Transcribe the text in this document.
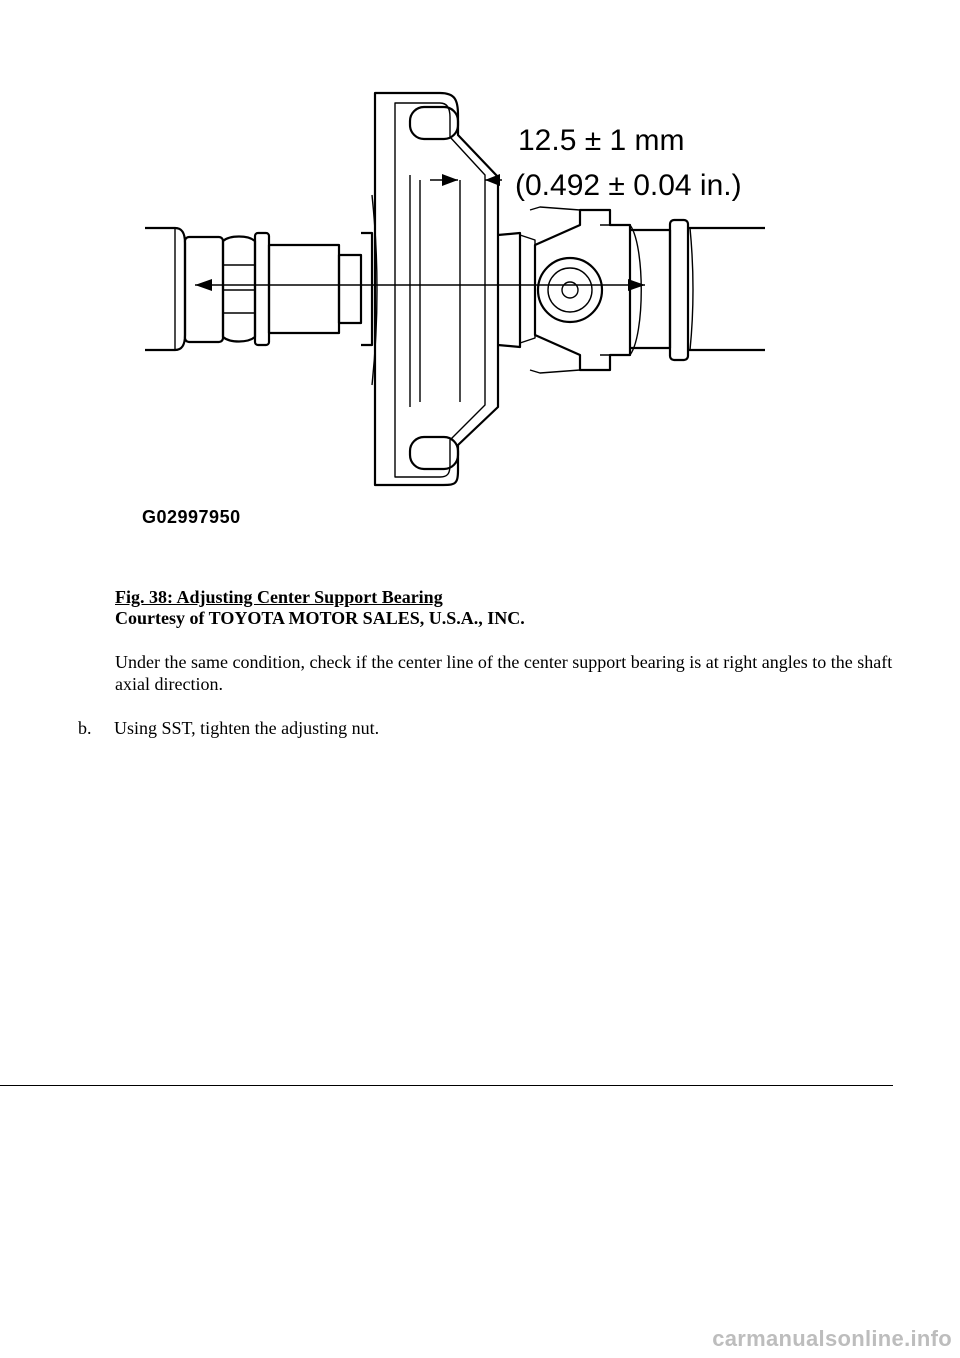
12.5 ± 1 mm
(0.492 ± 0.04 in.)
G02997950
Fig. 38: Adjusting Center Support Bearing
Courtesy of TOYOTA MOTOR SALES, U.S.A., INC.
Under the same condition, check if the center line of the center support bearing is at right angles to the shaft axial direction.
b. Using SST, tighten the adjusting nut.
carmanualsonline.info
